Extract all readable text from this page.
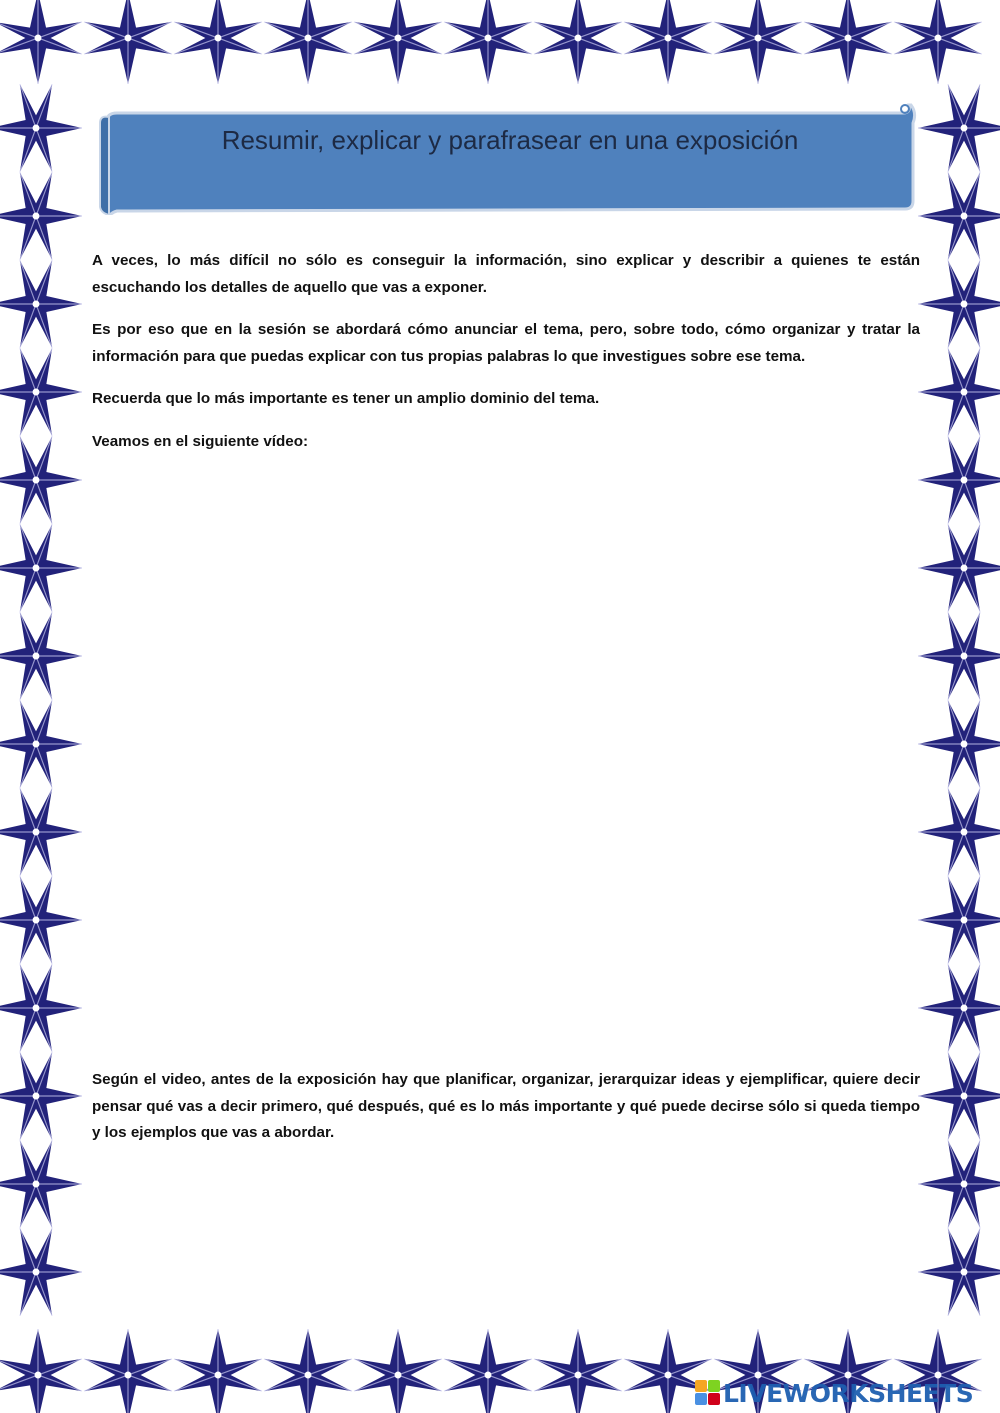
Resumir, explicar y parafrasear en una exposición

A veces, lo más difícil no sólo es conseguir la información, sino explicar y describir a quienes te están escuchando los detalles de aquello que vas a exponer.

Es por eso que en la sesión se abordará cómo anunciar el tema, pero, sobre todo, cómo organizar y tratar la información para que puedas explicar con tus propias palabras lo que investigues sobre ese tema.

Recuerda que lo más importante es tener un amplio dominio del tema.

Veamos en el siguiente vídeo:

Según el video, antes de la exposición hay que planificar, organizar, jerarquizar ideas y ejemplificar, quiere decir pensar qué vas a decir primero, qué después, qué es lo más importante y qué puede decirse sólo si queda tiempo y los ejemplos que vas a abordar.

LIVEWORKSHEETS
